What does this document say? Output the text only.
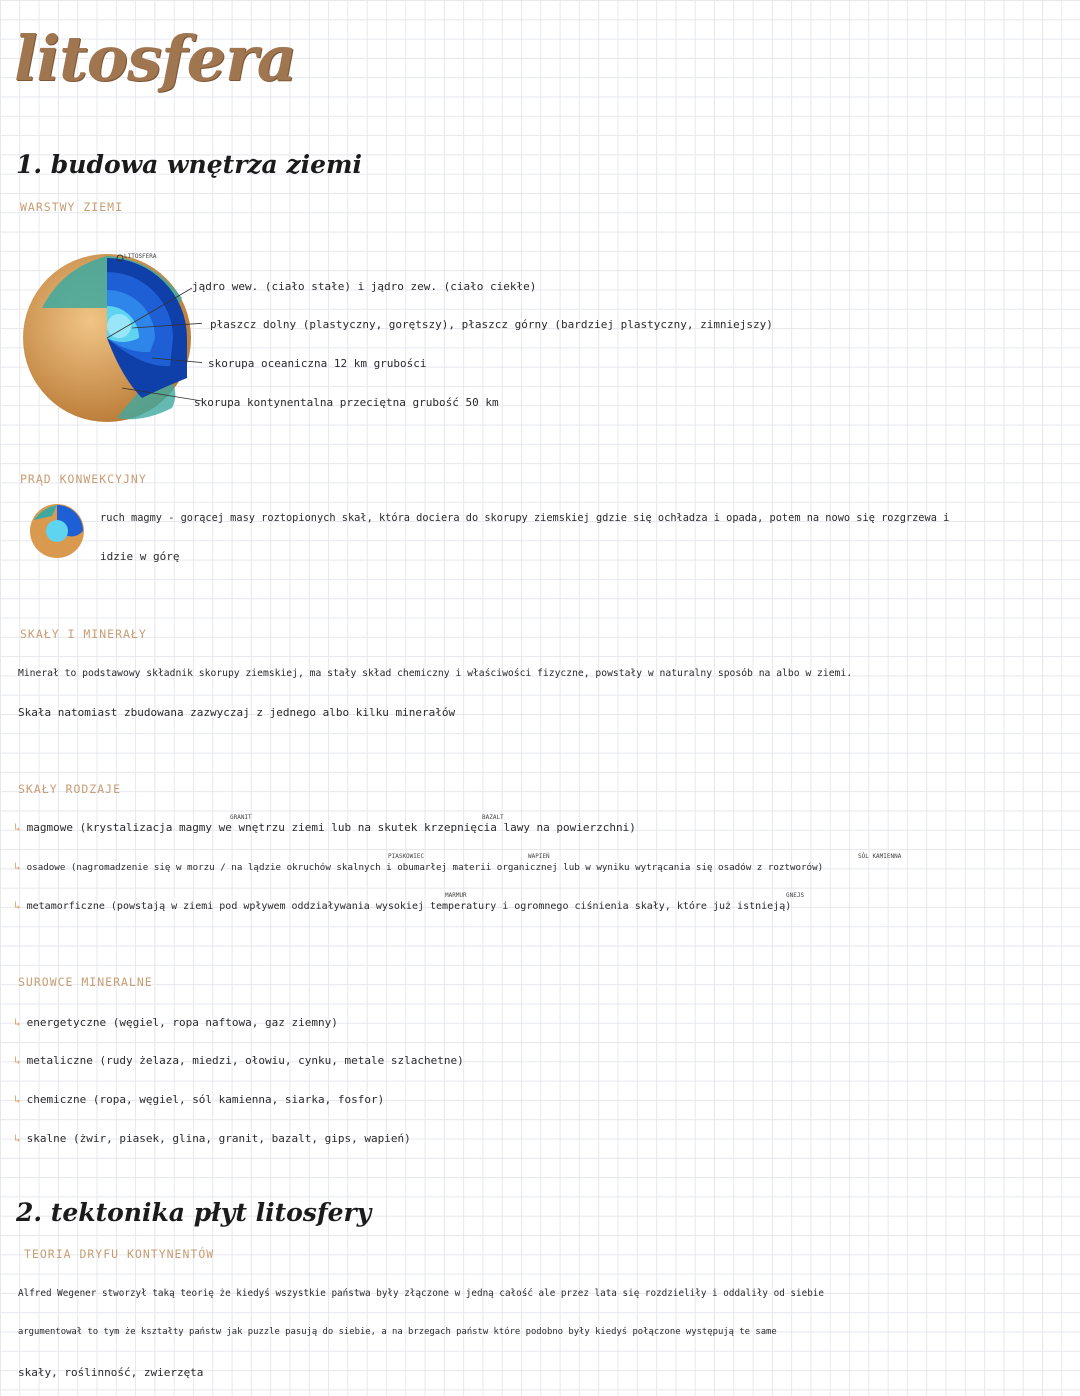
litosfera
1. budowa wnętrza ziemi
WARSTWY ZIEMI
LITOSFERA
jądro wew. (ciało stałe) i jądro zew. (ciało ciekłe)
płaszcz dolny (plastyczny, gorętszy), płaszcz górny (bardziej plastyczny, zimniejszy)
skorupa oceaniczna 12 km grubości
skorupa kontynentalna przeciętna grubość 50 km
PRĄD KONWEKCYJNY
ruch magmy - gorącej masy roztopionych skał, która dociera do skorupy ziemskiej gdzie się ochładza i opada, potem na nowo się rozgrzewa i
idzie w górę
SKAŁY I MINERAŁY
Minerał to podstawowy składnik skorupy ziemskiej, ma stały skład chemiczny i właściwości fizyczne, powstały w naturalny sposób na albo w ziemi.
Skała natomiast zbudowana zazwyczaj z jednego albo kilku minerałów
SKAŁY RODZAJE
GRANIT	BAZALT
↳ magmowe (krystalizacja magmy we wnętrzu ziemi lub na skutek krzepnięcia lawy na powierzchni)
PIASKOWIEC	WAPIEŃ	SÓL KAMIENNA
↳ osadowe (nagromadzenie się w morzu / na lądzie okruchów skalnych i obumarłej materii organicznej lub w wyniku wytrącania się osadów z roztworów)
MARMUR	GNEJS
↳ metamorficzne (powstają w ziemi pod wpływem oddziaływania wysokiej temperatury i ogromnego ciśnienia skały, które już istnieją)
SUROWCE MINERALNE
↳ energetyczne (węgiel, ropa naftowa, gaz ziemny)
↳ metaliczne (rudy żelaza, miedzi, ołowiu, cynku, metale szlachetne)
↳ chemiczne (ropa, węgiel, sól kamienna, siarka, fosfor)
↳ skalne (żwir, piasek, glina, granit, bazalt, gips, wapień)
2. tektonika płyt litosfery
TEORIA DRYFU KONTYNENTÓW
Alfred Wegener stworzył taką teorię że kiedyś wszystkie państwa były złączone w jedną całość ale przez lata się rozdzieliły i oddaliły od siebie
argumentował to tym że kształty państw jak puzzle pasują do siebie, a na brzegach państw które podobno były kiedyś połączone występują te same
skały, roślinność, zwierzęta
